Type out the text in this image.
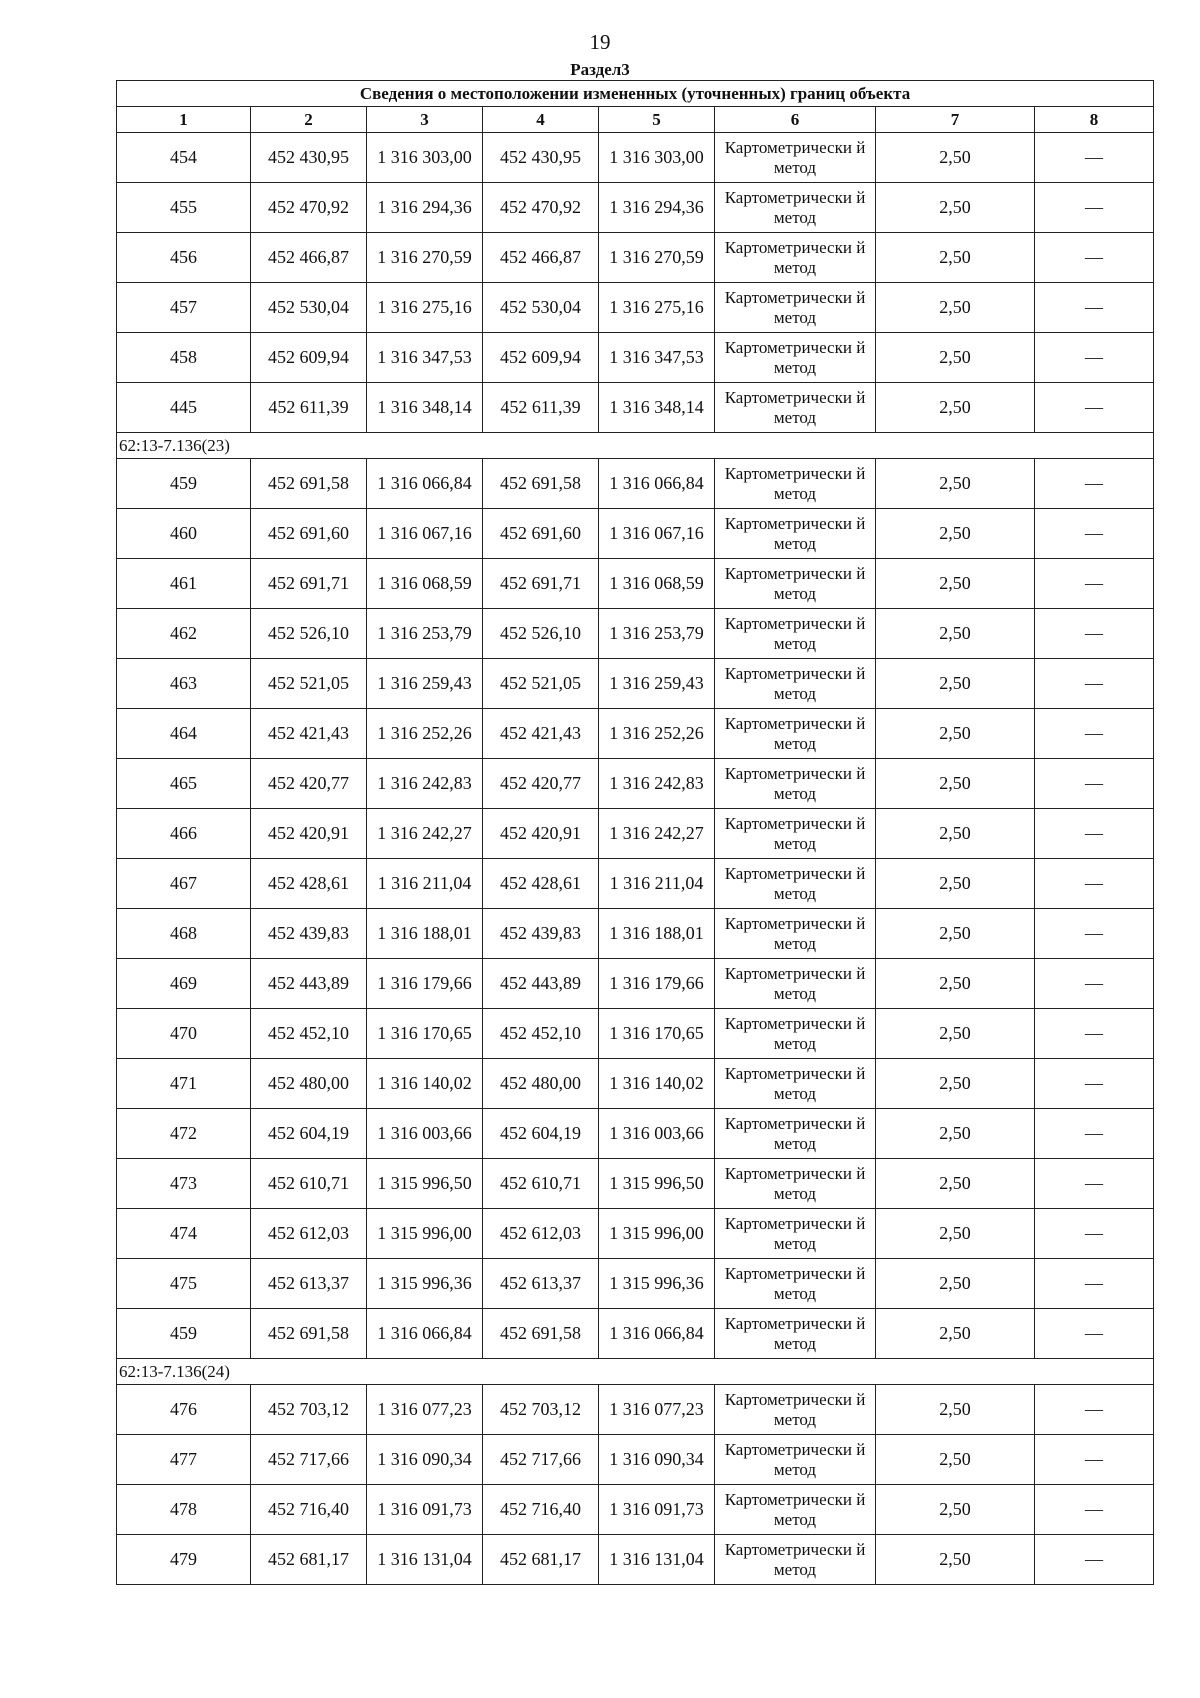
19
Раздел3
Сведения о местоположении измененных (уточненных) границ объекта							
1	2	3	4	5	6	7	8
454	452 430,95	1 316 303,00	452 430,95	1 316 303,00	Картометрически й метод	2,50	—
455	452 470,92	1 316 294,36	452 470,92	1 316 294,36	Картометрически й метод	2,50	—
456	452 466,87	1 316 270,59	452 466,87	1 316 270,59	Картометрически й метод	2,50	—
457	452 530,04	1 316 275,16	452 530,04	1 316 275,16	Картометрически й метод	2,50	—
458	452 609,94	1 316 347,53	452 609,94	1 316 347,53	Картометрически й метод	2,50	—
445	452 611,39	1 316 348,14	452 611,39	1 316 348,14	Картометрически й метод	2,50	—
62:13-7.136(23)							
459	452 691,58	1 316 066,84	452 691,58	1 316 066,84	Картометрически й метод	2,50	—
460	452 691,60	1 316 067,16	452 691,60	1 316 067,16	Картометрически й метод	2,50	—
461	452 691,71	1 316 068,59	452 691,71	1 316 068,59	Картометрически й метод	2,50	—
462	452 526,10	1 316 253,79	452 526,10	1 316 253,79	Картометрически й метод	2,50	—
463	452 521,05	1 316 259,43	452 521,05	1 316 259,43	Картометрически й метод	2,50	—
464	452 421,43	1 316 252,26	452 421,43	1 316 252,26	Картометрически й метод	2,50	—
465	452 420,77	1 316 242,83	452 420,77	1 316 242,83	Картометрически й метод	2,50	—
466	452 420,91	1 316 242,27	452 420,91	1 316 242,27	Картометрически й метод	2,50	—
467	452 428,61	1 316 211,04	452 428,61	1 316 211,04	Картометрически й метод	2,50	—
468	452 439,83	1 316 188,01	452 439,83	1 316 188,01	Картометрически й метод	2,50	—
469	452 443,89	1 316 179,66	452 443,89	1 316 179,66	Картометрически й метод	2,50	—
470	452 452,10	1 316 170,65	452 452,10	1 316 170,65	Картометрически й метод	2,50	—
471	452 480,00	1 316 140,02	452 480,00	1 316 140,02	Картометрически й метод	2,50	—
472	452 604,19	1 316 003,66	452 604,19	1 316 003,66	Картометрически й метод	2,50	—
473	452 610,71	1 315 996,50	452 610,71	1 315 996,50	Картометрически й метод	2,50	—
474	452 612,03	1 315 996,00	452 612,03	1 315 996,00	Картометрически й метод	2,50	—
475	452 613,37	1 315 996,36	452 613,37	1 315 996,36	Картометрически й метод	2,50	—
459	452 691,58	1 316 066,84	452 691,58	1 316 066,84	Картометрически й метод	2,50	—
62:13-7.136(24)							
476	452 703,12	1 316 077,23	452 703,12	1 316 077,23	Картометрически й метод	2,50	—
477	452 717,66	1 316 090,34	452 717,66	1 316 090,34	Картометрически й метод	2,50	—
478	452 716,40	1 316 091,73	452 716,40	1 316 091,73	Картометрически й метод	2,50	—
479	452 681,17	1 316 131,04	452 681,17	1 316 131,04	Картометрически й метод	2,50	—
